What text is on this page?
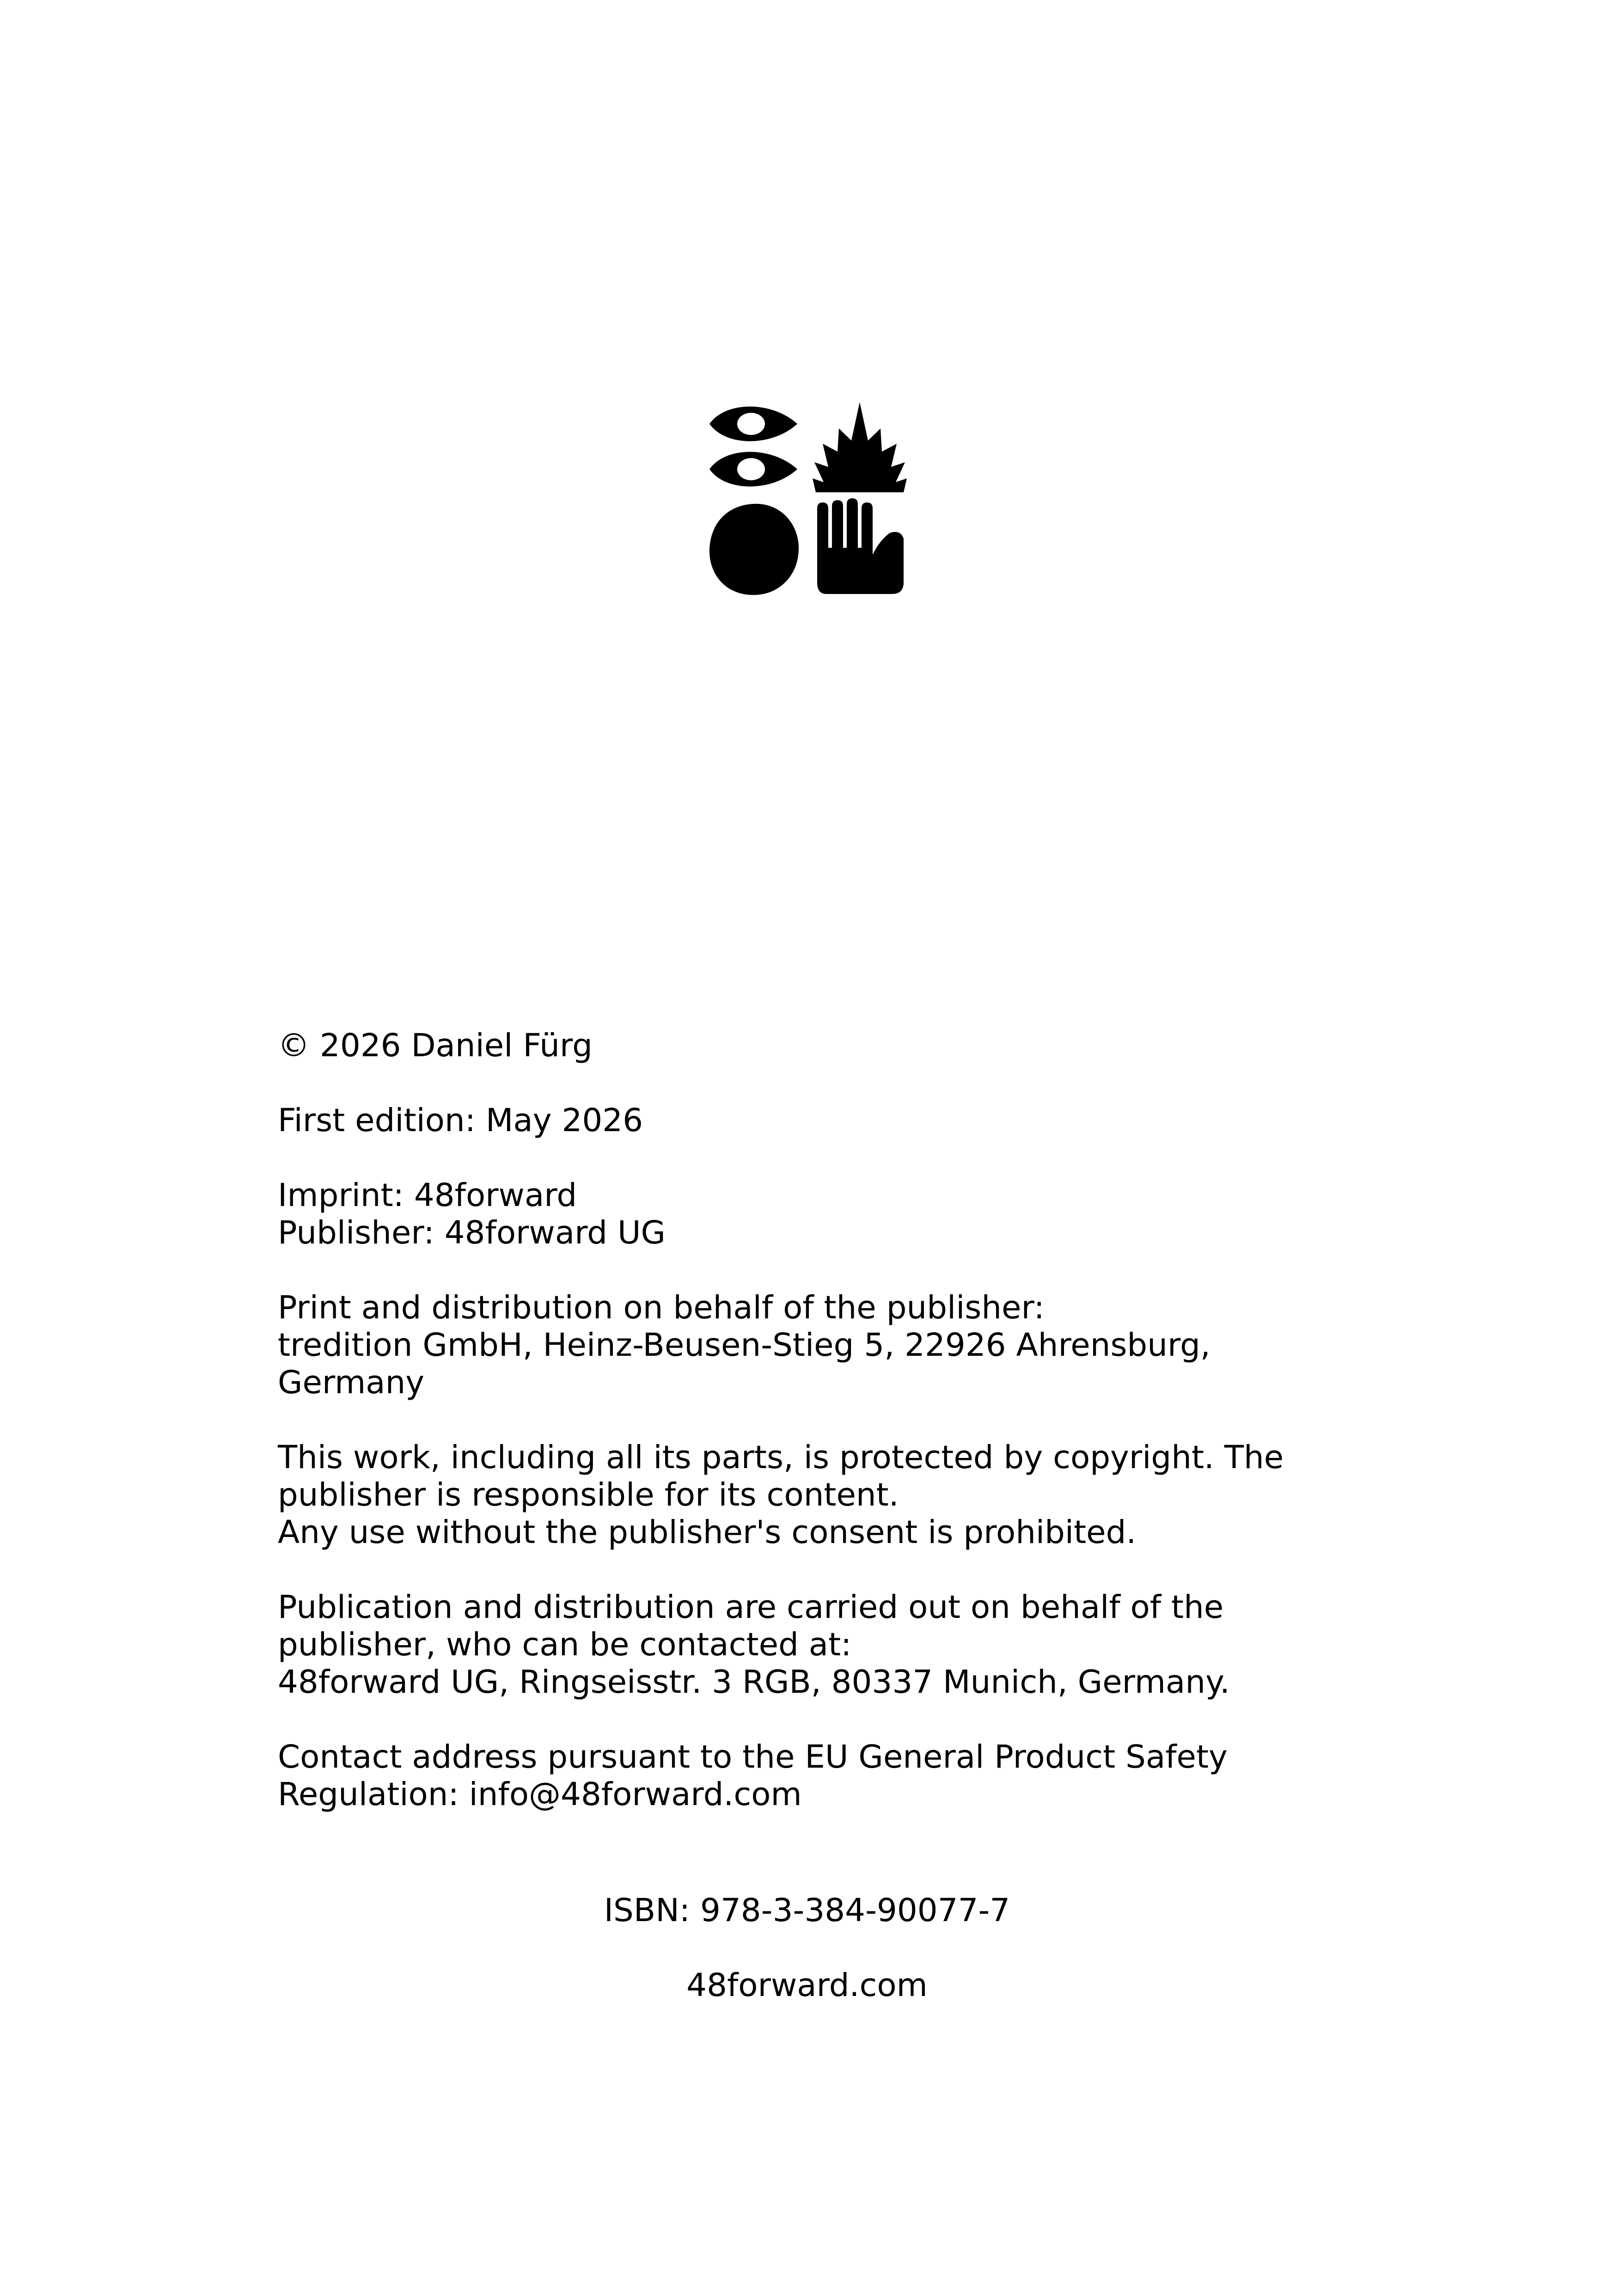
© 2026 Daniel Fürg

First edition: May 2026

Imprint: 48forward
Publisher: 48forward UG

Print and distribution on behalf of the publisher:
tredition GmbH, Heinz-Beusen-Stieg 5, 22926 Ahrensburg,
Germany

This work, including all its parts, is protected by copyright. The
publisher is responsible for its content.
Any use without the publisher's consent is prohibited.

Publication and distribution are carried out on behalf of the
publisher, who can be contacted at:
48forward UG, Ringseisstr. 3 RGB, 80337 Munich, Germany.

Contact address pursuant to the EU General Product Safety
Regulation: info@48forward.com

ISBN: 978-3-384-90077-7
48forward.com
